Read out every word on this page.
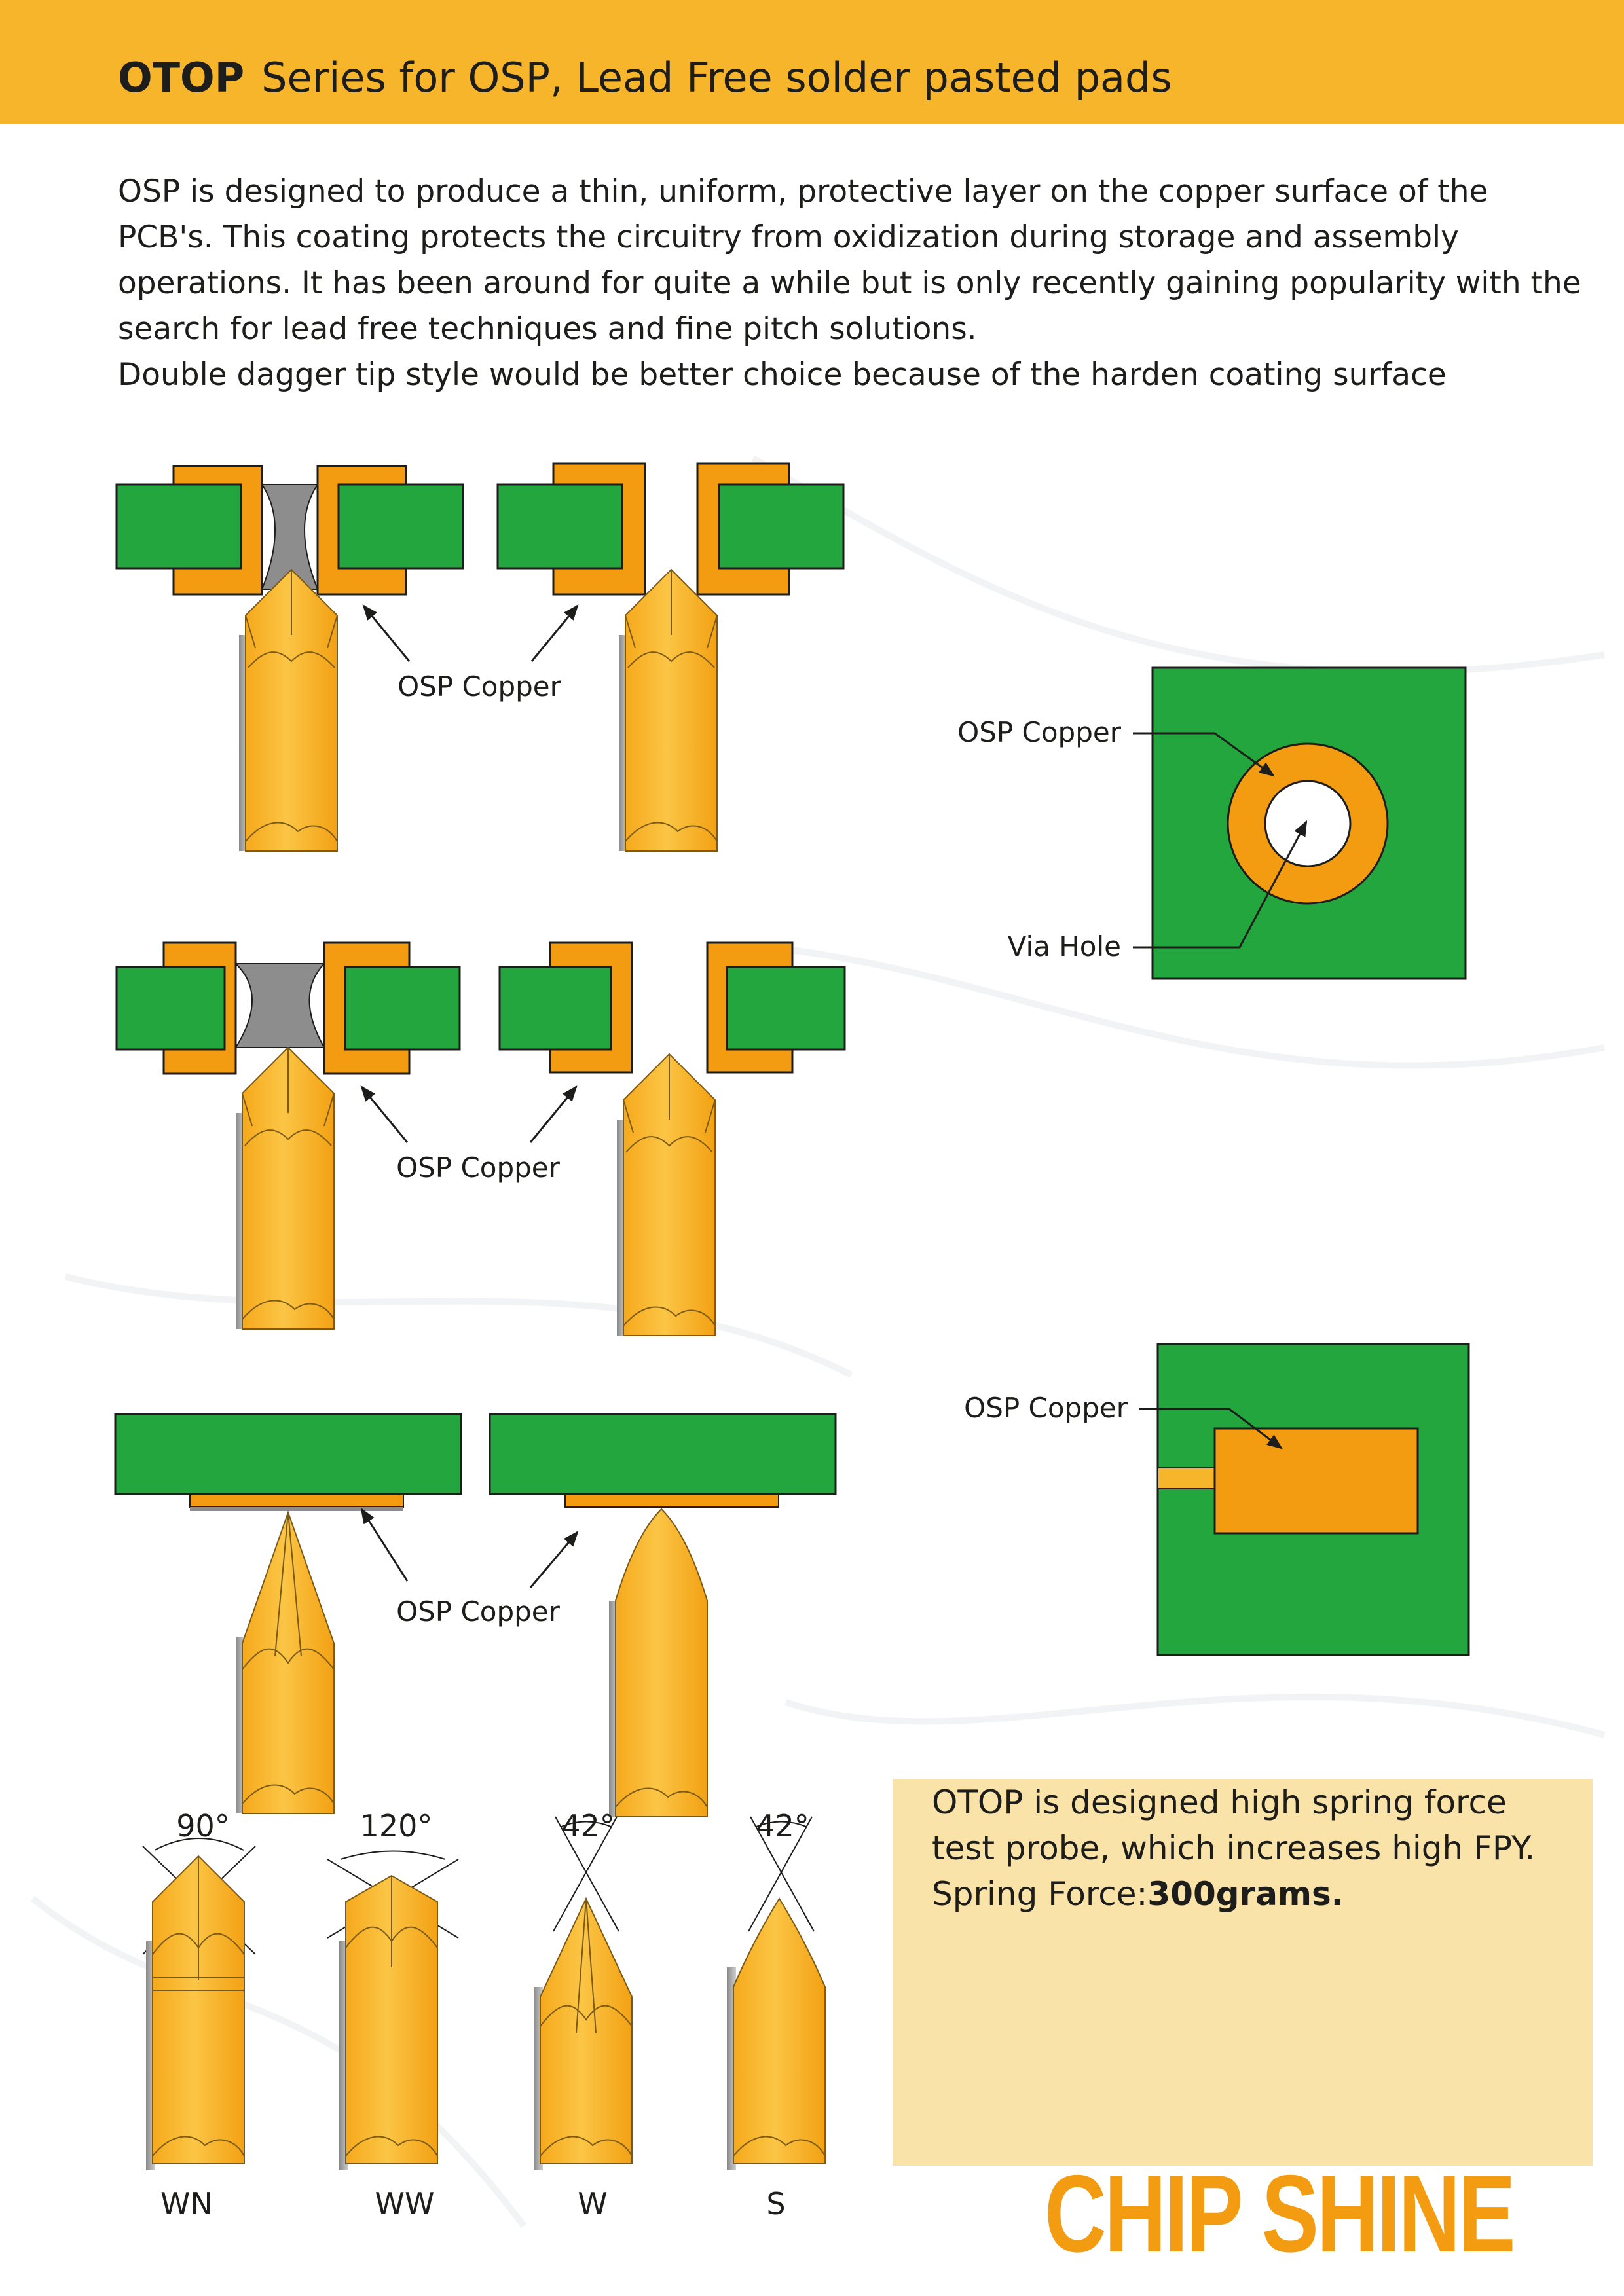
OTOP Series for OSP, Lead Free solder pasted pads

OSP is designed to produce a thin, uniform, protective layer on the copper surface of the PCB's. This coating protects the circuitry from oxidization during storage and assembly operations. It has been around for quite a while but is only recently gaining popularity with the search for lead free techniques and fine pitch solutions.

Double dagger tip style would be better choice because of the harden coating surface

OSP Copper
OSP Copper
OSP Copper
OSP Copper
Via Hole
OSP Copper
90°
WN
120°
WW
42°
W
42°
S

OTOP is designed high spring force test probe, which increases high FPY.

Spring Force:300grams.

CHIP SHINE
